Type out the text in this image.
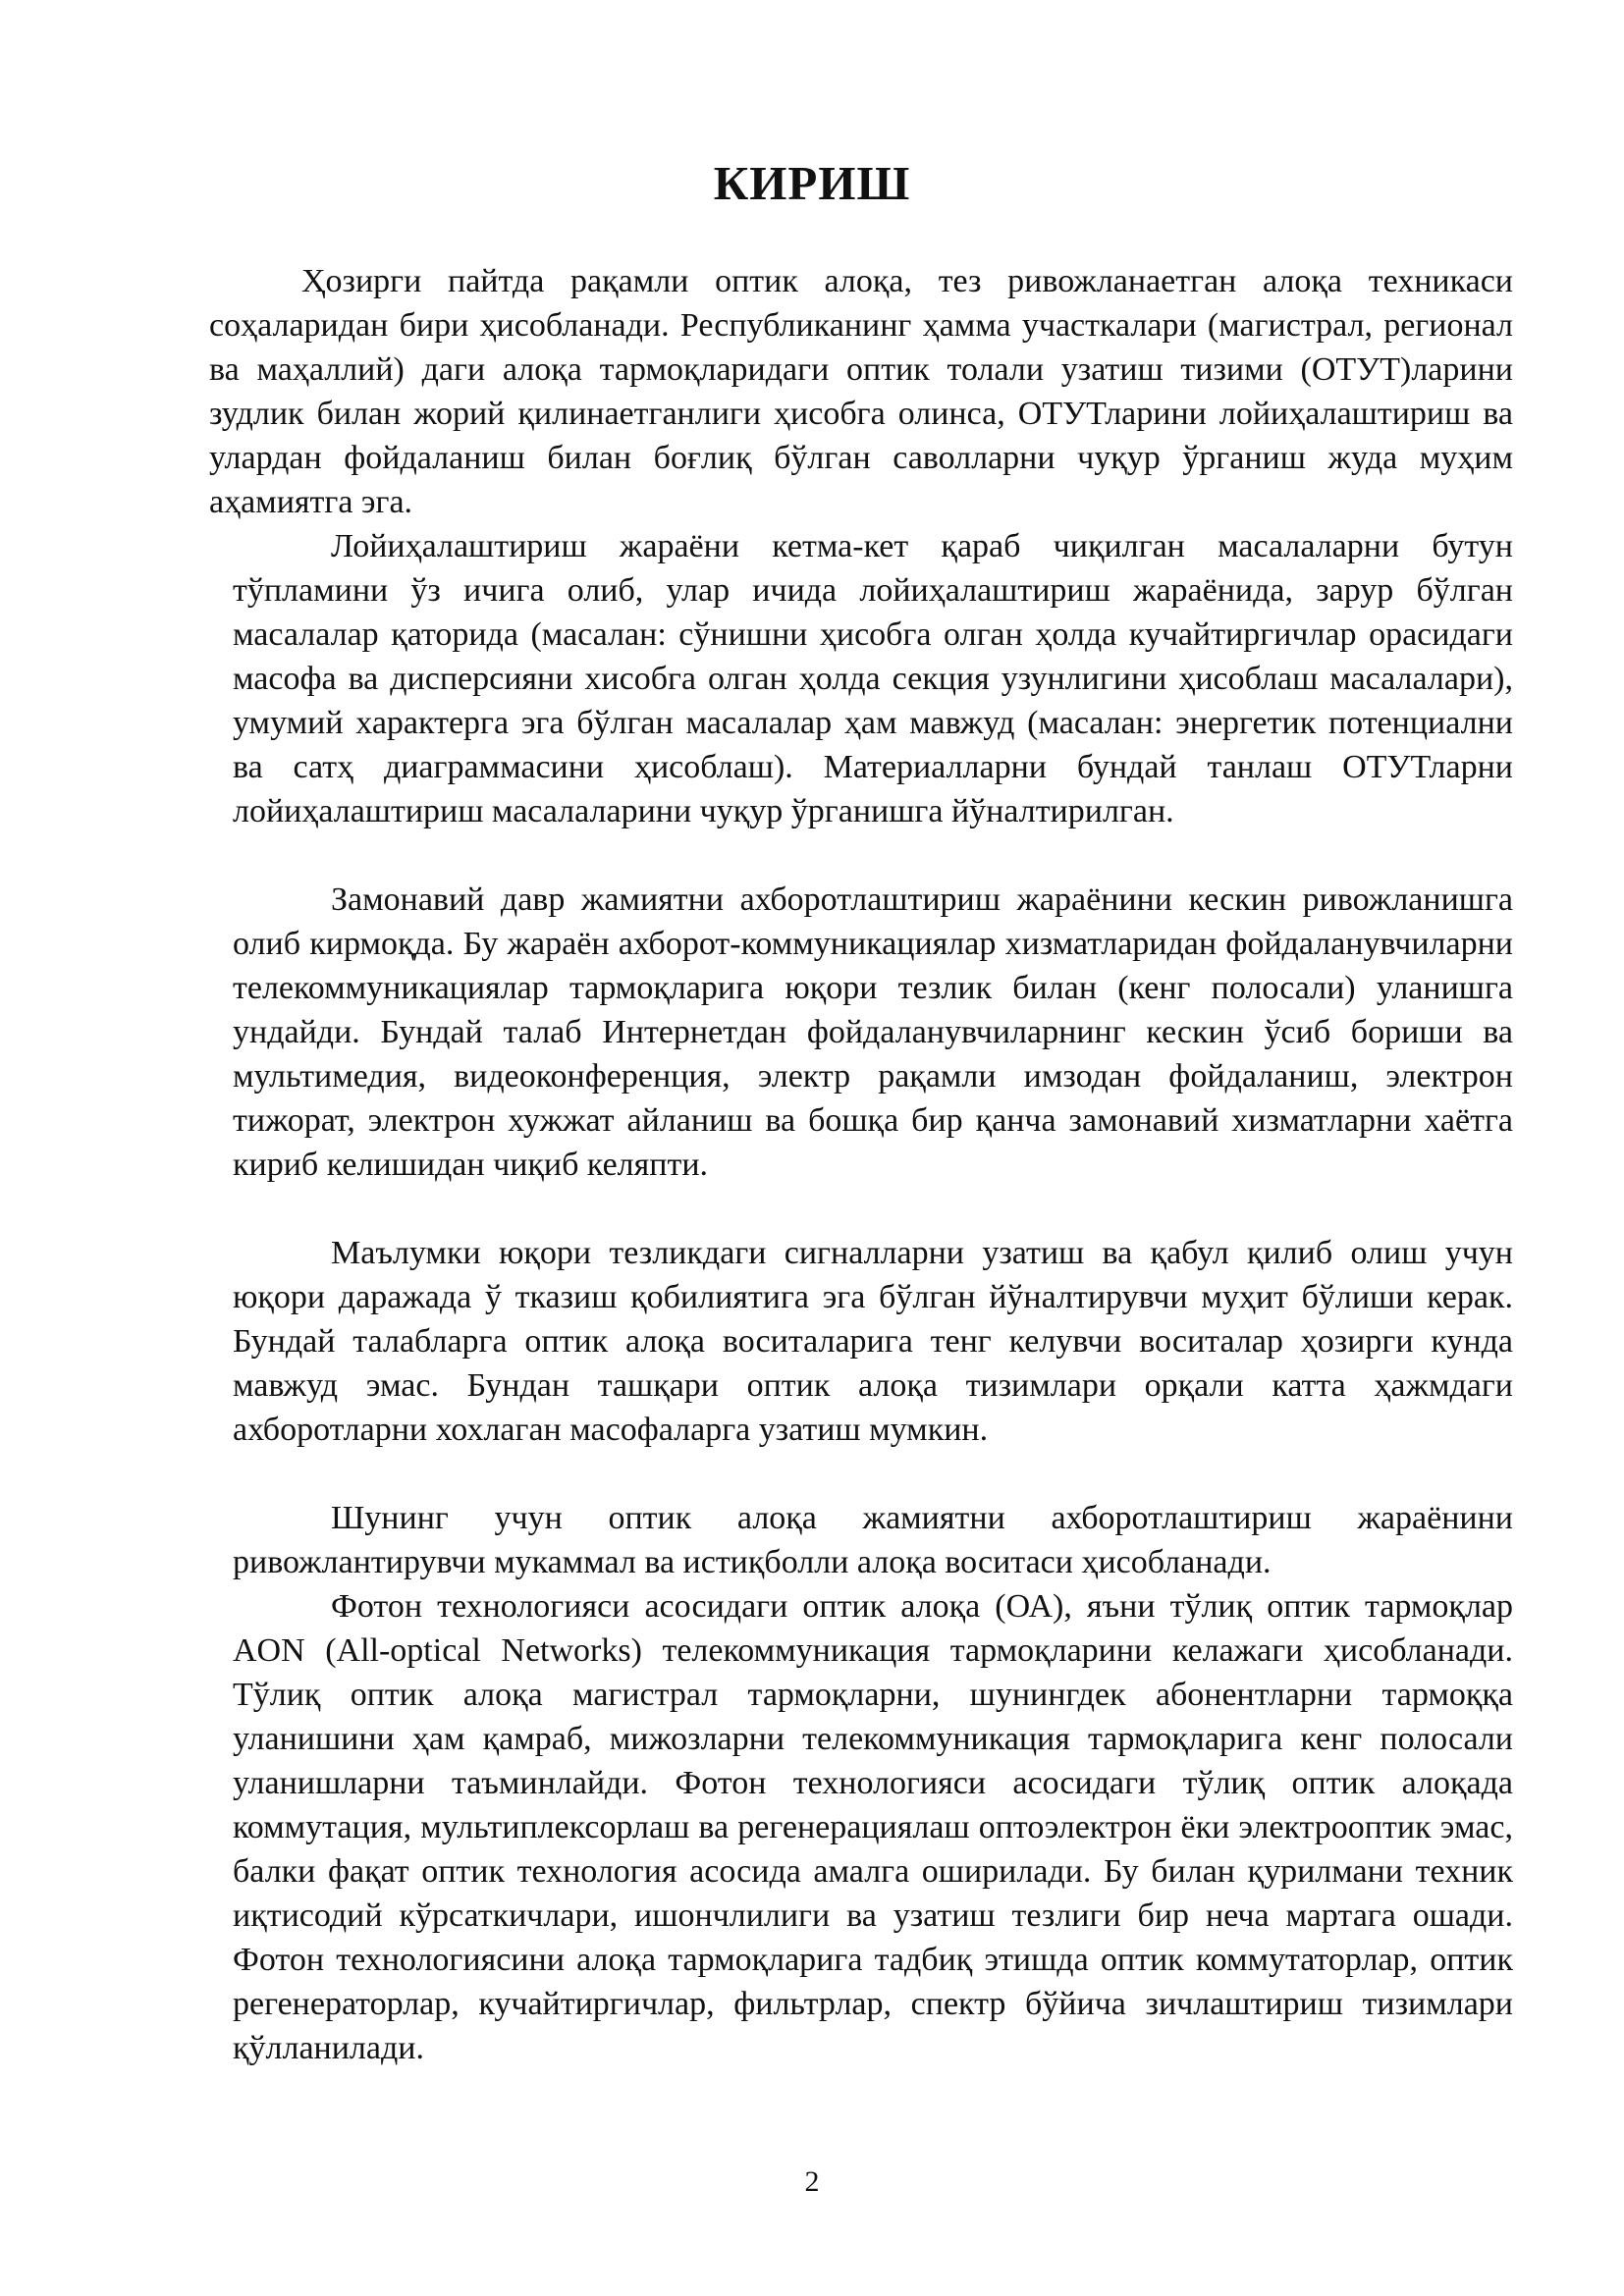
КИРИШ

Ҳозирги пайтда рақамли оптик алоқа, тез ривожланаетган алоқа техникаси соҳаларидан бири ҳисобланади. Республиканинг ҳамма участкалари (магистрал, регионал ва маҳаллий) даги алоқа тармоқларидаги оптик толали узатиш тизими (ОТУТ)ларини зудлик билан жорий қилинаетганлиги ҳисобга олинса, ОТУТларини лойиҳалаштириш ва улардан фойдаланиш билан боғлиқ бўлган саволларни чуқур ўрганиш жуда муҳим аҳамиятга эга.

Лойиҳалаштириш жараёни кетма-кет қараб чиқилган масалаларни бутун тўпламини ўз ичига олиб, улар ичида лойиҳалаштириш жараёнида, зарур бўлган масалалар қаторида (масалан: сўнишни ҳисобга олган ҳолда кучайтиргичлар орасидаги масофа ва дисперсияни хисобга олган ҳолда секция узунлигини ҳисоблаш масалалари), умумий характерга эга бўлган масалалар ҳам мавжуд (масалан: энергетик потенциални ва сатҳ диаграммасини ҳисоблаш). Материалларни бундай танлаш ОТУТларни лойиҳалаштириш масалаларини чуқур ўрганишга йўналтирилган.

Замонавий давр жамиятни ахборотлаштириш жараёнини кескин ривожланишга олиб кирмоқда. Бу жараён ахборот-коммуникациялар хизматларидан фойдаланувчиларни телекоммуникациялар тармоқларига юқори тезлик билан (кенг полосали) уланишга ундайди. Бундай талаб Интернетдан фойдаланувчиларнинг кескин ўсиб бориши ва мультимедия, видеоконференция, электр рақамли имзодан фойдаланиш, электрон тижорат, электрон хужжат айланиш ва бошқа бир қанча замонавий хизматларни хаётга кириб келишидан чиқиб келяпти.

Маълумки юқори тезликдаги сигналларни узатиш ва қабул қилиб олиш учун юқори даражада ў тказиш қобилиятига эга бўлган йўналтирувчи муҳит бўлиши керак. Бундай талабларга оптик алоқа воситаларига тенг келувчи воситалар ҳозирги кунда мавжуд эмас. Бундан ташқари оптик алоқа тизимлари орқали катта ҳажмдаги ахборотларни хохлаган масофаларга узатиш мумкин.

Шунинг учун оптик алоқа жамиятни ахборотлаштириш жараёнини ривожлантирувчи мукаммал ва истиқболли алоқа воситаси ҳисобланади.

Фотон технологияси асосидаги оптик алоқа (ОА), яъни тўлиқ оптик тармоқлар AON (All-optical Networks) телекоммуникация тармоқларини келажаги ҳисобланади. Тўлиқ оптик алоқа магистрал тармоқларни, шунингдек абонентларни тармоққа уланишини ҳам қамраб, мижозларни телекоммуникация тармоқларига кенг полосали уланишларни таъминлайди. Фотон технологияси асосидаги тўлиқ оптик алоқада коммутация, мультиплексорлаш ва регенерациялаш оптоэлектрон ёки электрооптик эмас, балки фақат оптик технология асосида амалга оширилади. Бу билан қурилмани техник иқтисодий кўрсаткичлари, ишончлилиги ва узатиш тезлиги бир неча мартага ошади. Фотон технологиясини алоқа тармоқларига тадбиқ этишда оптик коммутаторлар, оптик регенераторлар, кучайтиргичлар, фильтрлар, спектр бўйича зичлаштириш тизимлари қўлланилади.

2
